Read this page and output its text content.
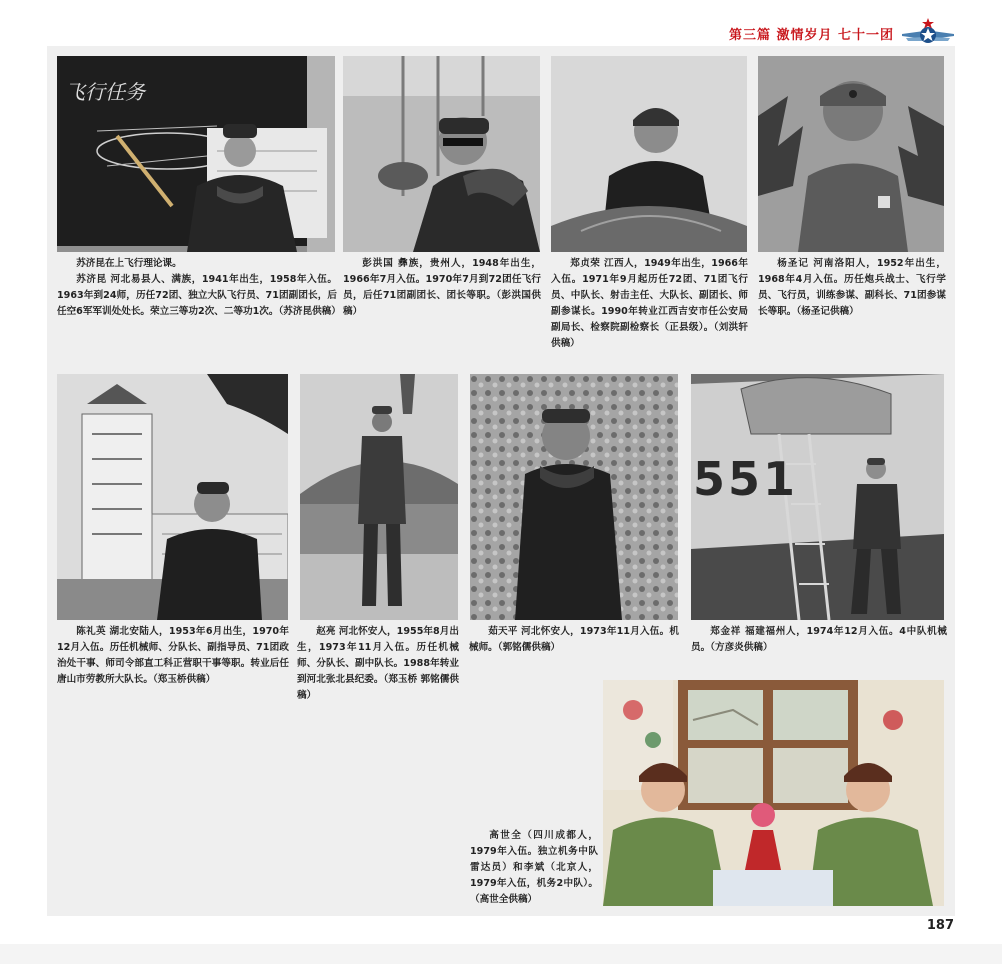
第三篇 激情岁月 七十一团
飞行任务

苏济昆在上飞行理论课。

苏济昆 河北易县人、满族，1941年出生，1958年入伍。1963年到24师，历任72团、独立大队飞行员、71团副团长，后任空6军军训处处长。荣立三等功2次、二等功1次。（苏济昆供稿）

彭洪国 彝族，贵州人，1948年出生，1966年7月入伍。1970年7月到72团任飞行员，后任71团副团长、团长等职。（彭洪国供稿）

郑贞荣 江西人，1949年出生，1966年入伍。1971年9月起历任72团、71团飞行员、中队长、射击主任、大队长、副团长、师副参谋长。1990年转业江西吉安市任公安局副局长、检察院副检察长（正县级）。（刘洪轩供稿）

杨圣记 河南洛阳人，1952年出生，1968年4月入伍。历任炮兵战士、飞行学员、飞行员，训练参谋、副科长、71团参谋长等职。（杨圣记供稿）

551

陈礼英 湖北安陆人，1953年6月出生，1970年12月入伍。历任机械师、分队长、副指导员、71团政治处干事、师司令部直工科正营职干事等职。转业后任唐山市劳教所大队长。（郑玉桥供稿）

赵亮 河北怀安人，1955年8月出生，1973年11月入伍。历任机械师、分队长、副中队长。1988年转业到河北张北县纪委。（郑玉桥 郭铭儒供稿）

茹天平 河北怀安人，1973年11月入伍。机械师。（郭铭儒供稿）

郑金祥 福建福州人，1974年12月入伍。4中队机械员。（方彦炎供稿）

高世全（四川成都人，1979年入伍。独立机务中队雷达员）和李斌（北京人，1979年入伍，机务2中队）。（高世全供稿）

187
